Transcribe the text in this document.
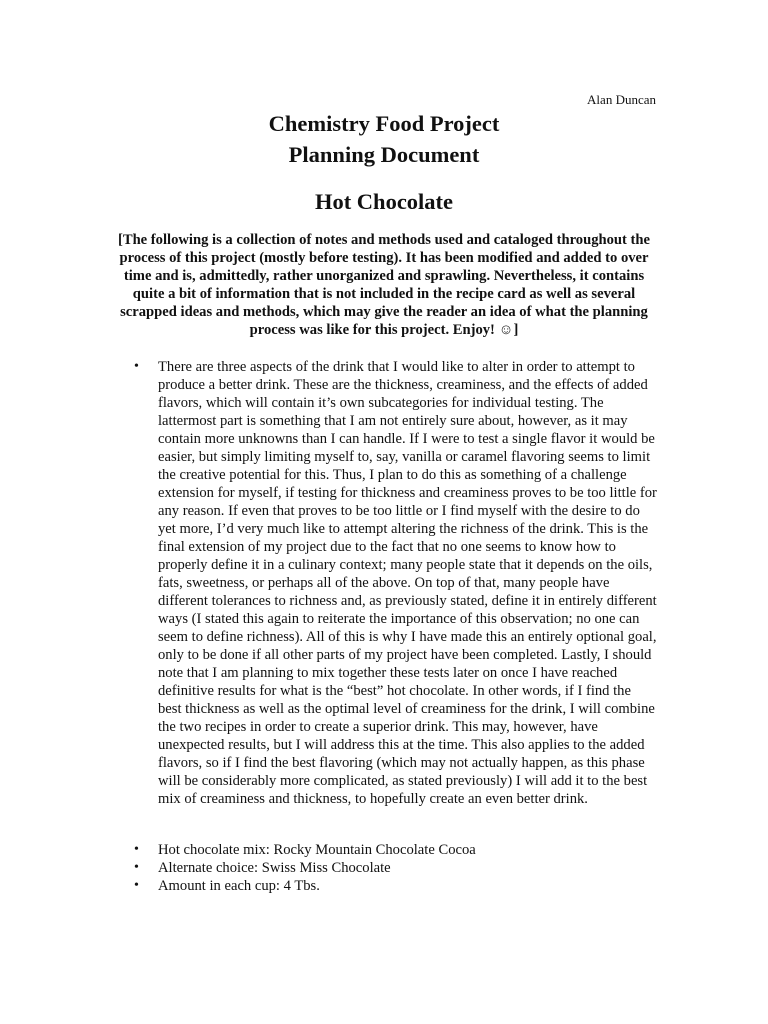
Alan Duncan

Chemistry Food Project

Planning Document

Hot Chocolate

[The following is a collection of notes and methods used and cataloged throughout the process of this project (mostly before testing). It has been modified and added to over time and is, admittedly, rather unorganized and sprawling. Nevertheless, it contains quite a bit of information that is not included in the recipe card as well as several scrapped ideas and methods, which may give the reader an idea of what the planning process was like for this project. Enjoy! ☺]

• There are three aspects of the drink that I would like to alter in order to attempt to produce a better drink. These are the thickness, creaminess, and the effects of added flavors, which will contain it’s own subcategories for individual testing. The lattermost part is something that I am not entirely sure about, however, as it may contain more unknowns than I can handle. If I were to test a single flavor it would be easier, but simply limiting myself to, say, vanilla or caramel flavoring seems to limit the creative potential for this. Thus, I plan to do this as something of a challenge extension for myself, if testing for thickness and creaminess proves to be too little for any reason. If even that proves to be too little or I find myself with the desire to do yet more, I’d very much like to attempt altering the richness of the drink. This is the final extension of my project due to the fact that no one seems to know how to properly define it in a culinary context; many people state that it depends on the oils, fats, sweetness, or perhaps all of the above. On top of that, many people have different tolerances to richness and, as previously stated, define it in entirely different ways (I stated this again to reiterate the importance of this observation; no one can seem to define richness). All of this is why I have made this an entirely optional goal, only to be done if all other parts of my project have been completed. Lastly, I should note that I am planning to mix together these tests later on once I have reached definitive results for what is the “best” hot chocolate. In other words, if I find the best thickness as well as the optimal level of creaminess for the drink, I will combine the two recipes in order to create a superior drink. This may, however, have unexpected results, but I will address this at the time. This also applies to the added flavors, so if I find the best flavoring (which may not actually happen, as this phase will be considerably more complicated, as stated previously) I will add it to the best mix of creaminess and thickness, to hopefully create an even better drink.
• Hot chocolate mix: Rocky Mountain Chocolate Cocoa
• Alternate choice: Swiss Miss Chocolate
• Amount in each cup: 4 Tbs.
